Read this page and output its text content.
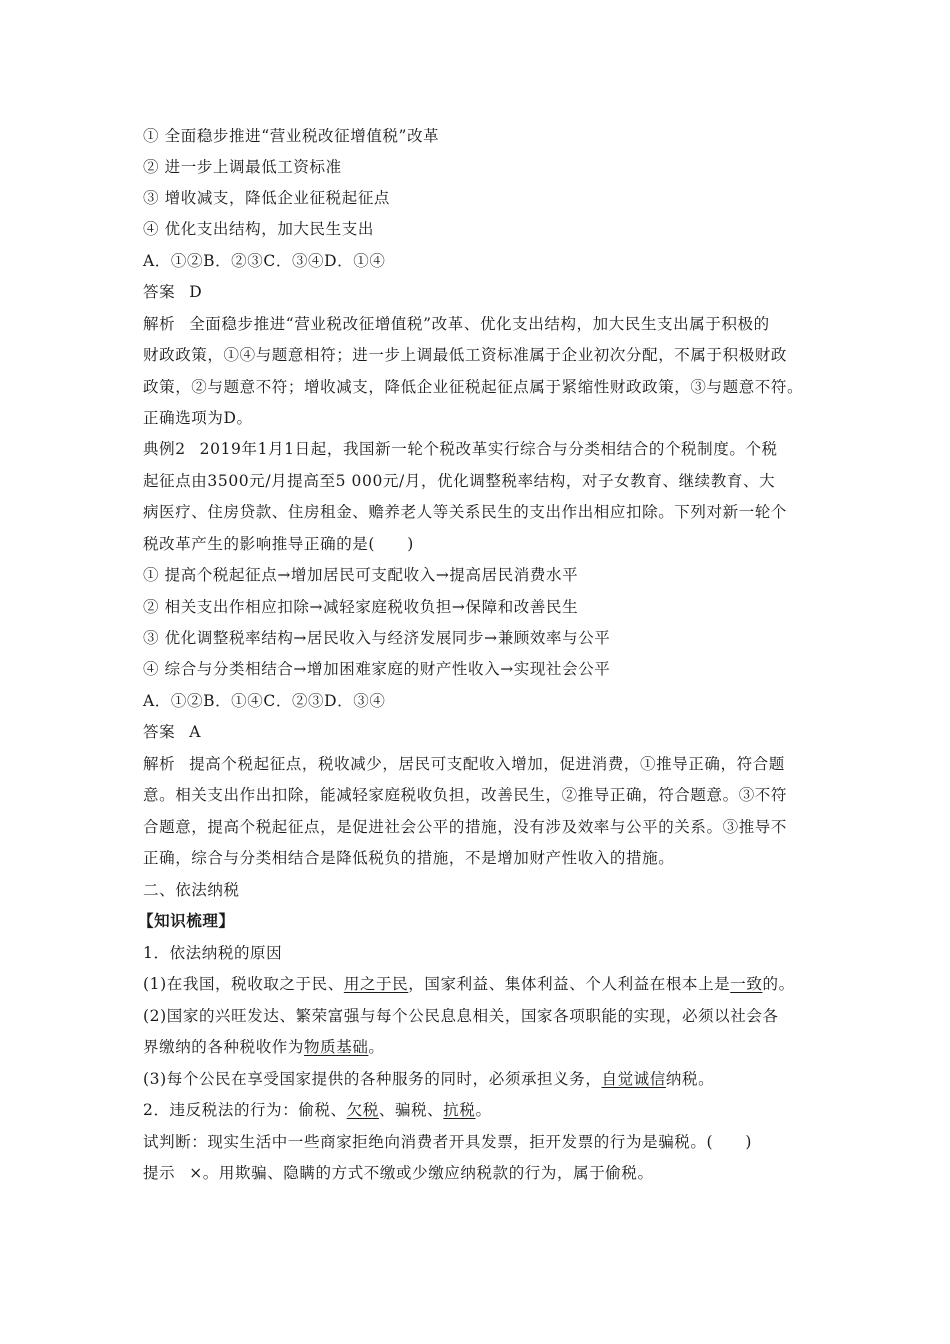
① 全面稳步推进“营业税改征增值税”改革
② 进一步上调最低工资标准
③ 增收减支，降低企业征税起征点
④ 优化支出结构，加大民生支出
A．①②B．②③C．③④D．①④
答案 D
解析 全面稳步推进“营业税改征增值税”改革、优化支出结构，加大民生支出属于积极的
财政政策，①④与题意相符；进一步上调最低工资标准属于企业初次分配，不属于积极财政
政策，②与题意不符；增收减支，降低企业征税起征点属于紧缩性财政政策，③与题意不符。
正确选项为D。
典例2 2019年1月1日起，我国新一轮个税改革实行综合与分类相结合的个税制度。个税
起征点由3500元/月提高至5 000元/月，优化调整税率结构，对子女教育、继续教育、大
病医疗、住房贷款、住房租金、赡养老人等关系民生的支出作出相应扣除。下列对新一轮个
税改革产生的影响推导正确的是(　　)
① 提高个税起征点→增加居民可支配收入→提高居民消费水平
② 相关支出作相应扣除→减轻家庭税收负担→保障和改善民生
③ 优化调整税率结构→居民收入与经济发展同步→兼顾效率与公平
④ 综合与分类相结合→增加困难家庭的财产性收入→实现社会公平
A．①②B．①④C．②③D．③④
答案 A
解析 提高个税起征点，税收减少，居民可支配收入增加，促进消费，①推导正确，符合题
意。相关支出作出扣除，能减轻家庭税收负担，改善民生，②推导正确，符合题意。③不符
合题意，提高个税起征点，是促进社会公平的措施，没有涉及效率与公平的关系。③推导不
正确，综合与分类相结合是降低税负的措施，不是增加财产性收入的措施。
二、依法纳税
【知识梳理】
1．依法纳税的原因
(1)在我国，税收取之于民、用之于民，国家利益、集体利益、个人利益在根本上是一致的。
(2)国家的兴旺发达、繁荣富强与每个公民息息相关，国家各项职能的实现，必须以社会各
界缴纳的各种税收作为物质基础。
(3)每个公民在享受国家提供的各种服务的同时，必须承担义务，自觉诚信纳税。
2．违反税法的行为：偷税、欠税、骗税、抗税。
试判断：现实生活中一些商家拒绝向消费者开具发票，拒开发票的行为是骗税。(　　)
提示 ×。用欺骗、隐瞒的方式不缴或少缴应纳税款的行为，属于偷税。
